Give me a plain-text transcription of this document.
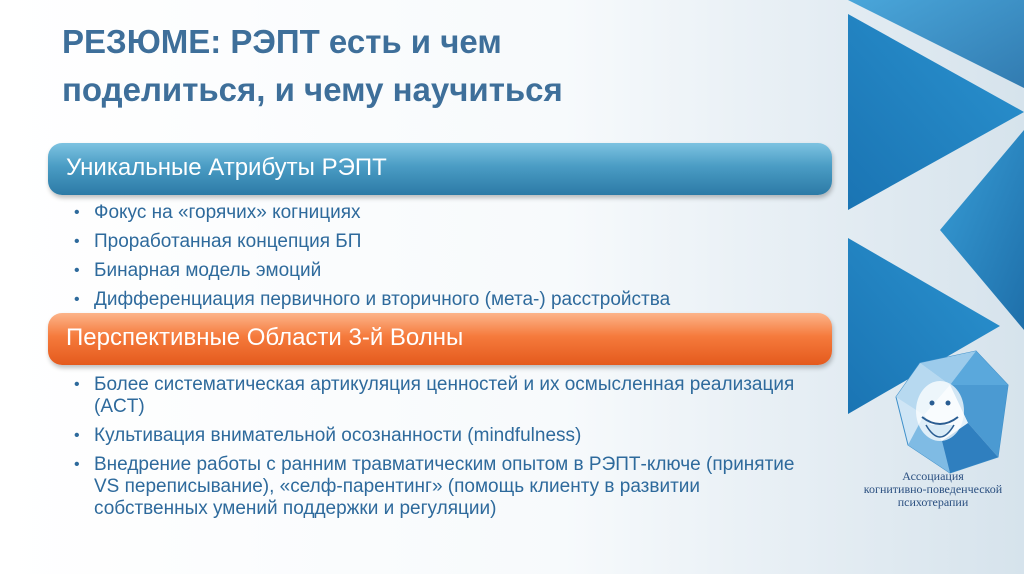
РЕЗЮМЕ: РЭПТ есть и чем
поделиться, и чему научиться
Уникальные Атрибуты РЭПТ
• Фокус на «горячих» когнициях
• Проработанная концепция БП
• Бинарная модель эмоций
• Дифференциация первичного и вторичного (мета-) расстройства
Перспективные Области 3-й Волны
• Более систематическая артикуляция ценностей и их осмысленная реализация (ACT)
• Культивация внимательной осознанности (mindfulness)
• Внедрение работы с ранним травматическим опытом в РЭПТ-ключе (принятие VS переписывание), «селф-парентинг» (помощь клиенту в развитии собственных умений поддержки и регуляции)
Ассоциация
когнитивно-поведенческой
психотерапии
